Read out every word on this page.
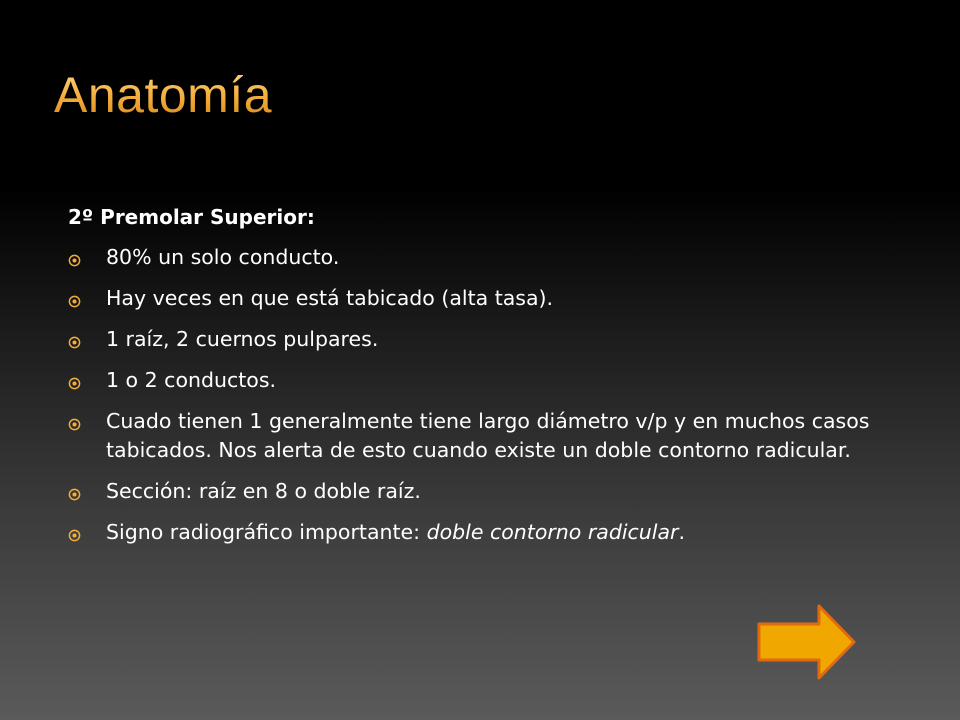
Anatomía
2º Premolar Superior:
80% un solo conducto.
Hay veces en que está tabicado (alta tasa).
1 raíz, 2 cuernos pulpares.
1 o 2 conductos.
Cuado tienen 1 generalmente tiene largo diámetro v/p y en muchos casos tabicados. Nos alerta de esto cuando existe un doble contorno radicular.
Sección: raíz en 8 o doble raíz.
Signo radiográfico importante: doble contorno radicular.
